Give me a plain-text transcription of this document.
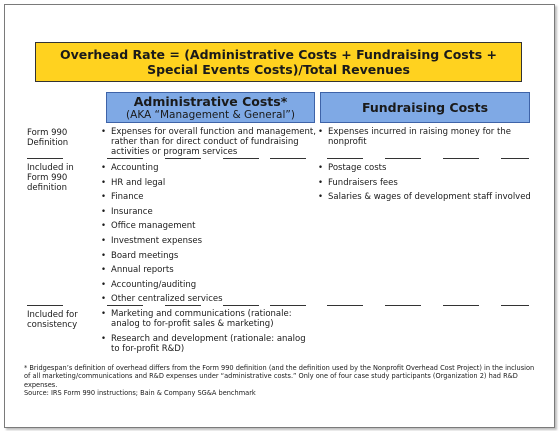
Overhead Rate = (Administrative Costs + Fundraising Costs + Special Events Costs)/Total Revenues
Administrative Costs*
(AKA “Management & General”)	Fundraising Costs
Form 990 Definition
• Expenses for overall function and management, rather than for direct conduct of fundraising activities or program services
• Expenses incurred in raising money for the nonprofit
Included in Form 990 definition
• Accounting
• HR and legal
• Finance
• Insurance
• Office management
• Investment expenses
• Board meetings
• Annual reports
• Accounting/auditing
• Other centralized services
• Postage costs
• Fundraisers fees
• Salaries & wages of development staff involved
Included for consistency
• Marketing and communications (rationale: analog to for-profit sales & marketing)
• Research and development (rationale: analog to for-profit R&D)
* Bridgespan’s definition of overhead differs from the Form 990 definition (and the definition used by the Nonprofit Overhead Cost Project) in the inclusion of all marketing/communications and R&D expenses under “administrative costs.” Only one of four case study participants (Organization 2) had R&D expenses.
Source: IRS Form 990 instructions; Bain & Company SG&A benchmark
